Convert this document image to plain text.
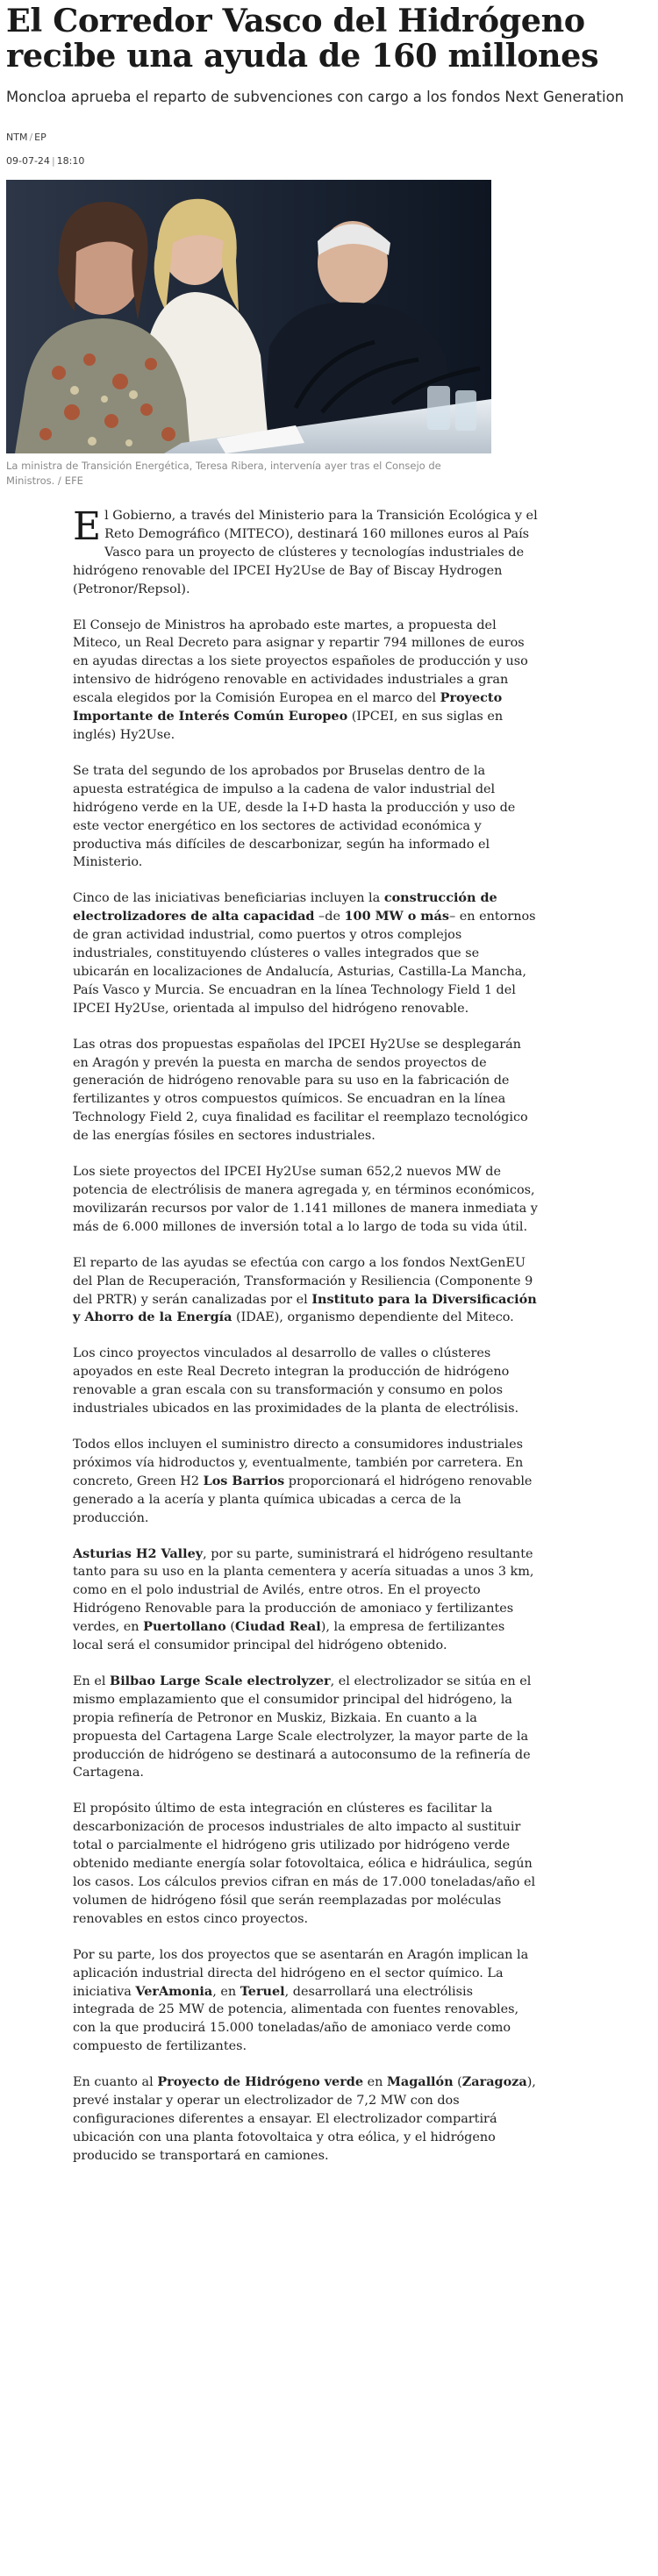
El Corredor Vasco del Hidrógeno recibe una ayuda de 160 millones

Moncloa aprueba el reparto de subvenciones con cargo a los fondos Next Generation

NTM / EP
09-07-24 | 18:10
La ministra de Transición Energética, Teresa Ribera, intervenía ayer tras el Consejo de Ministros. / EFE

El Gobierno, a través del Ministerio para la Transición Ecológica y el Reto Demográfico (MITECO), destinará 160 millones euros al País Vasco para un proyecto de clústeres y tecnologías industriales de hidrógeno renovable del IPCEI Hy2Use de Bay of Biscay Hydrogen (Petronor/Repsol).

El Consejo de Ministros ha aprobado este martes, a propuesta del Miteco, un Real Decreto para asignar y repartir 794 millones de euros en ayudas directas a los siete proyectos españoles de producción y uso intensivo de hidrógeno renovable en actividades industriales a gran escala elegidos por la Comisión Europea en el marco del Proyecto Importante de Interés Común Europeo (IPCEI, en sus siglas en inglés) Hy2Use.

Se trata del segundo de los aprobados por Bruselas dentro de la apuesta estratégica de impulso a la cadena de valor industrial del hidrógeno verde en la UE, desde la I+D hasta la producción y uso de este vector energético en los sectores de actividad económica y productiva más difíciles de descarbonizar, según ha informado el Ministerio.

Cinco de las iniciativas beneficiarias incluyen la construcción de electrolizadores de alta capacidad –de 100 MW o más– en entornos de gran actividad industrial, como puertos y otros complejos industriales, constituyendo clústeres o valles integrados que se ubicarán en localizaciones de Andalucía, Asturias, Castilla-La Mancha, País Vasco y Murcia. Se encuadran en la línea Technology Field 1 del IPCEI Hy2Use, orientada al impulso del hidrógeno renovable.

Las otras dos propuestas españolas del IPCEI Hy2Use se desplegarán en Aragón y prevén la puesta en marcha de sendos proyectos de generación de hidrógeno renovable para su uso en la fabricación de fertilizantes y otros compuestos químicos. Se encuadran en la línea Technology Field 2, cuya finalidad es facilitar el reemplazo tecnológico de las energías fósiles en sectores industriales.

Los siete proyectos del IPCEI Hy2Use suman 652,2 nuevos MW de potencia de electrólisis de manera agregada y, en términos económicos, movilizarán recursos por valor de 1.141 millones de manera inmediata y más de 6.000 millones de inversión total a lo largo de toda su vida útil.

El reparto de las ayudas se efectúa con cargo a los fondos NextGenEU del Plan de Recuperación, Transformación y Resiliencia (Componente 9 del PRTR) y serán canalizadas por el Instituto para la Diversificación y Ahorro de la Energía (IDAE), organismo dependiente del Miteco.

Los cinco proyectos vinculados al desarrollo de valles o clústeres apoyados en este Real Decreto integran la producción de hidrógeno renovable a gran escala con su transformación y consumo en polos industriales ubicados en las proximidades de la planta de electrólisis.

Todos ellos incluyen el suministro directo a consumidores industriales próximos vía hidroductos y, eventualmente, también por carretera. En concreto, Green H2 Los Barrios proporcionará el hidrógeno renovable generado a la acería y planta química ubicadas a cerca de la producción.

Asturias H2 Valley, por su parte, suministrará el hidrógeno resultante tanto para su uso en la planta cementera y acería situadas a unos 3 km, como en el polo industrial de Avilés, entre otros. En el proyecto Hidrógeno Renovable para la producción de amoniaco y fertilizantes verdes, en Puertollano (Ciudad Real), la empresa de fertilizantes local será el consumidor principal del hidrógeno obtenido.

En el Bilbao Large Scale electrolyzer, el electrolizador se sitúa en el mismo emplazamiento que el consumidor principal del hidrógeno, la propia refinería de Petronor en Muskiz, Bizkaia. En cuanto a la propuesta del Cartagena Large Scale electrolyzer, la mayor parte de la producción de hidrógeno se destinará a autoconsumo de la refinería de Cartagena.

El propósito último de esta integración en clústeres es facilitar la descarbonización de procesos industriales de alto impacto al sustituir total o parcialmente el hidrógeno gris utilizado por hidrógeno verde obtenido mediante energía solar fotovoltaica, eólica e hidráulica, según los casos. Los cálculos previos cifran en más de 17.000 toneladas/año el volumen de hidrógeno fósil que serán reemplazadas por moléculas renovables en estos cinco proyectos.

Por su parte, los dos proyectos que se asentarán en Aragón implican la aplicación industrial directa del hidrógeno en el sector químico. La iniciativa VerAmonia, en Teruel, desarrollará una electrólisis integrada de 25 MW de potencia, alimentada con fuentes renovables, con la que producirá 15.000 toneladas/año de amoniaco verde como compuesto de fertilizantes.

En cuanto al Proyecto de Hidrógeno verde en Magallón (Zaragoza), prevé instalar y operar un electrolizador de 7,2 MW con dos configuraciones diferentes a ensayar. El electrolizador compartirá ubicación con una planta fotovoltaica y otra eólica, y el hidrógeno producido se transportará en camiones.
